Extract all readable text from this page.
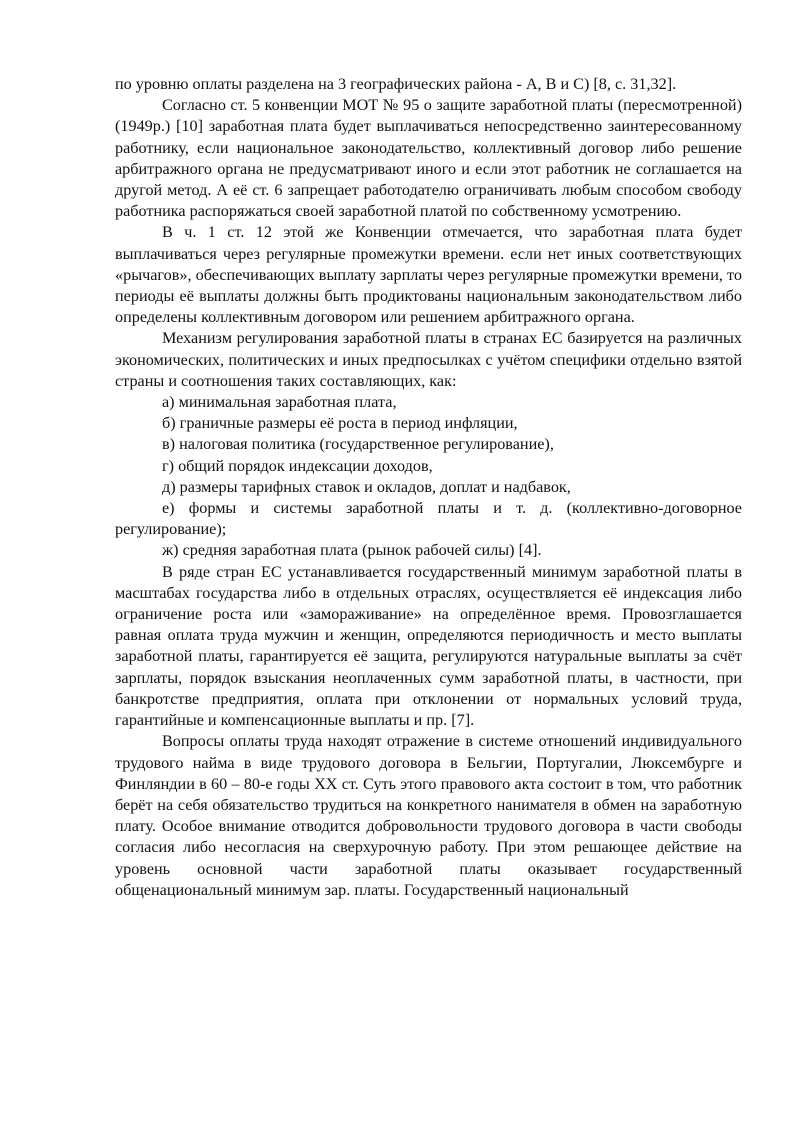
по уровню оплаты разделена на 3 географических района - А, В и С) [8, с. 31,32].

Согласно ст. 5 конвенции МОТ № 95 о защите заработной платы (пересмотренной) (1949р.) [10] заработная плата будет выплачиваться непосредственно заинтересованному работнику, если национальное законодательство, коллективный договор либо решение арбитражного органа не предусматривают иного и если этот работник не соглашается на другой метод. А её ст. 6 запрещает работодателю ограничивать любым способом свободу работника распоряжаться своей заработной платой по собственному усмотрению.

В ч. 1 ст. 12 этой же Конвенции отмечается, что заработная плата будет выплачиваться через регулярные промежутки времени. если нет иных соответствующих «рычагов», обеспечивающих выплату зарплаты через регулярные промежутки времени, то периоды её выплаты должны быть продиктованы национальным законодательством либо определены коллективным договором или решением арбитражного органа.

Механизм регулирования заработной платы в странах ЕС базируется на различных экономических, политических и иных предпосылках с учётом специфики отдельно взятой страны и соотношения таких составляющих, как:

а) минимальная заработная плата,

б) граничные размеры её роста в период инфляции,

в) налоговая политика (государственное регулирование),

г) общий порядок индексации доходов,

д) размеры тарифных ставок и окладов, доплат и надбавок,

е) формы и системы заработной платы и т. д. (коллективно-договорное регулирование);

ж) средняя заработная плата (рынок рабочей силы) [4].

В ряде стран ЕС устанавливается государственный минимум заработной платы в масштабах государства либо в отдельных отраслях, осуществляется её индексация либо ограничение роста или «замораживание» на определённое время. Провозглашается равная оплата труда мужчин и женщин, определяются периодичность и место выплаты заработной платы, гарантируется её защита, регулируются натуральные выплаты за счёт зарплаты, порядок взыскания неоплаченных сумм заработной платы, в частности, при банкротстве предприятия, оплата при отклонении от нормальных условий труда, гарантийные и компенсационные выплаты и пр. [7].

Вопросы оплаты труда находят отражение в системе отношений индивидуального трудового найма в виде трудового договора в Бельгии, Португалии, Люксембурге и Финляндии в 60 – 80-е годы XX ст. Суть этого правового акта состоит в том, что работник берёт на себя обязательство трудиться на конкретного нанимателя в обмен на заработную плату. Особое внимание отводится добровольности трудового договора в части свободы согласия либо несогласия на сверхурочную работу. При этом решающее действие на уровень основной части заработной платы оказывает государственный общенациональный минимум зар. платы. Государственный национальный
